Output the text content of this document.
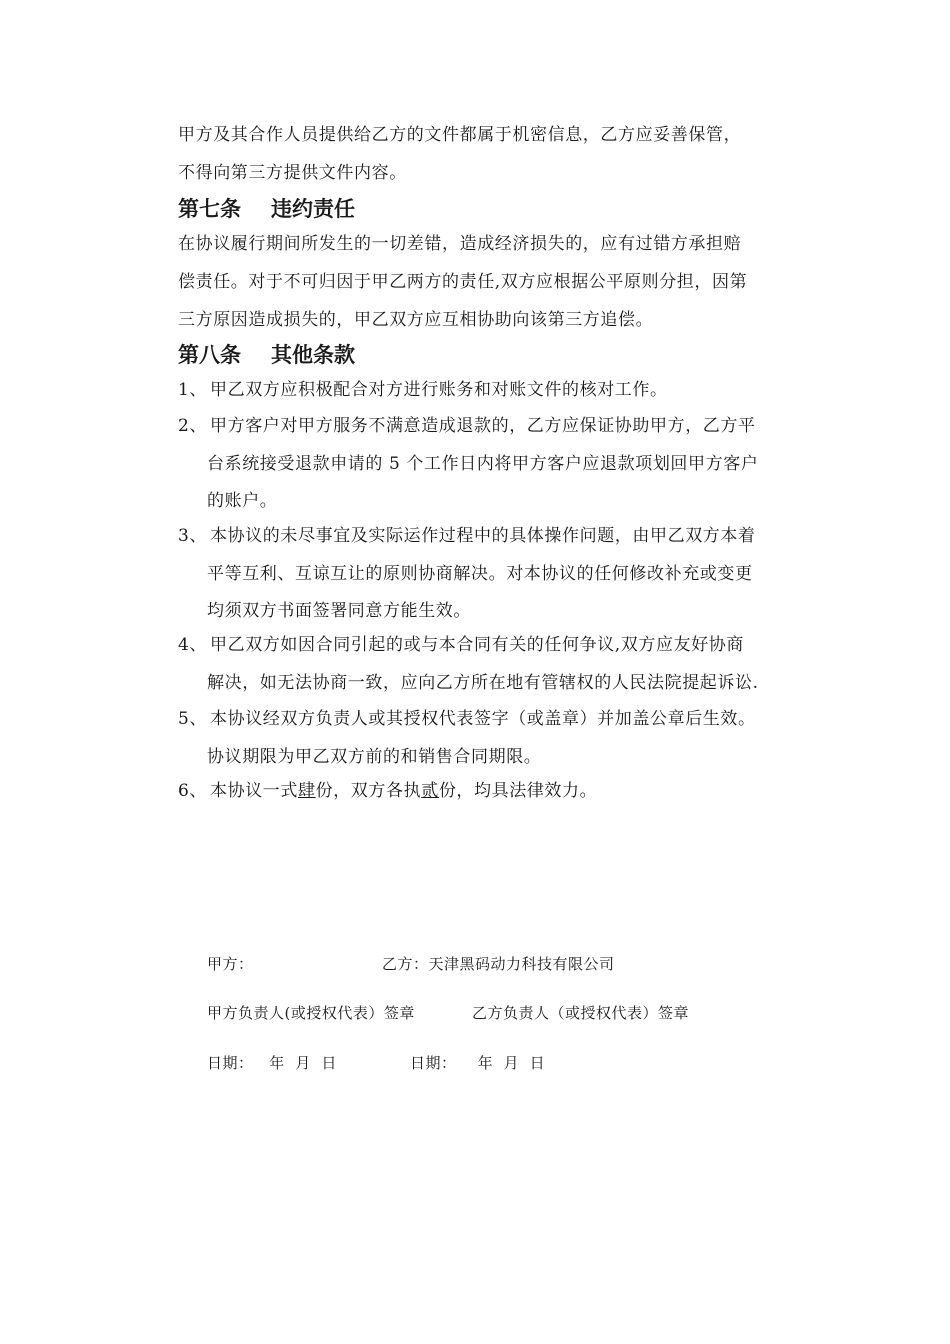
甲方及其合作人员提供给乙方的文件都属于机密信息，乙方应妥善保管，
不得向第三方提供文件内容。
第七条 违约责任
在协议履行期间所发生的一切差错，造成经济损失的，应有过错方承担赔
偿责任。对于不可归因于甲乙两方的责任,双方应根据公平原则分担，因第
三方原因造成损失的，甲乙双方应互相协助向该第三方追偿。
第八条 其他条款
1、 甲乙双方应积极配合对方进行账务和对账文件的核对工作。
2、 甲方客户对甲方服务不满意造成退款的，乙方应保证协助甲方，乙方平
台系统接受退款申请的 5 个工作日内将甲方客户应退款项划回甲方客户
的账户。
3、 本协议的未尽事宜及实际运作过程中的具体操作问题，由甲乙双方本着
平等互利、互谅互让的原则协商解决。对本协议的任何修改补充或变更
均须双方书面签署同意方能生效。
4、 甲乙双方如因合同引起的或与本合同有关的任何争议,双方应友好协商
解决，如无法协商一致，应向乙方所在地有管辖权的人民法院提起诉讼.
5、 本协议经双方负责人或其授权代表签字（或盖章）并加盖公章后生效。
协议期限为甲乙双方前的和销售合同期限。
6、 本协议一式肆份，双方各执贰份，均具法律效力。
甲方：	乙方：天津黑码动力科技有限公司
甲方负责人(或授权代表）签章	乙方负责人（或授权代表）签章
日期：   年  月  日	日期：    年  月  日
